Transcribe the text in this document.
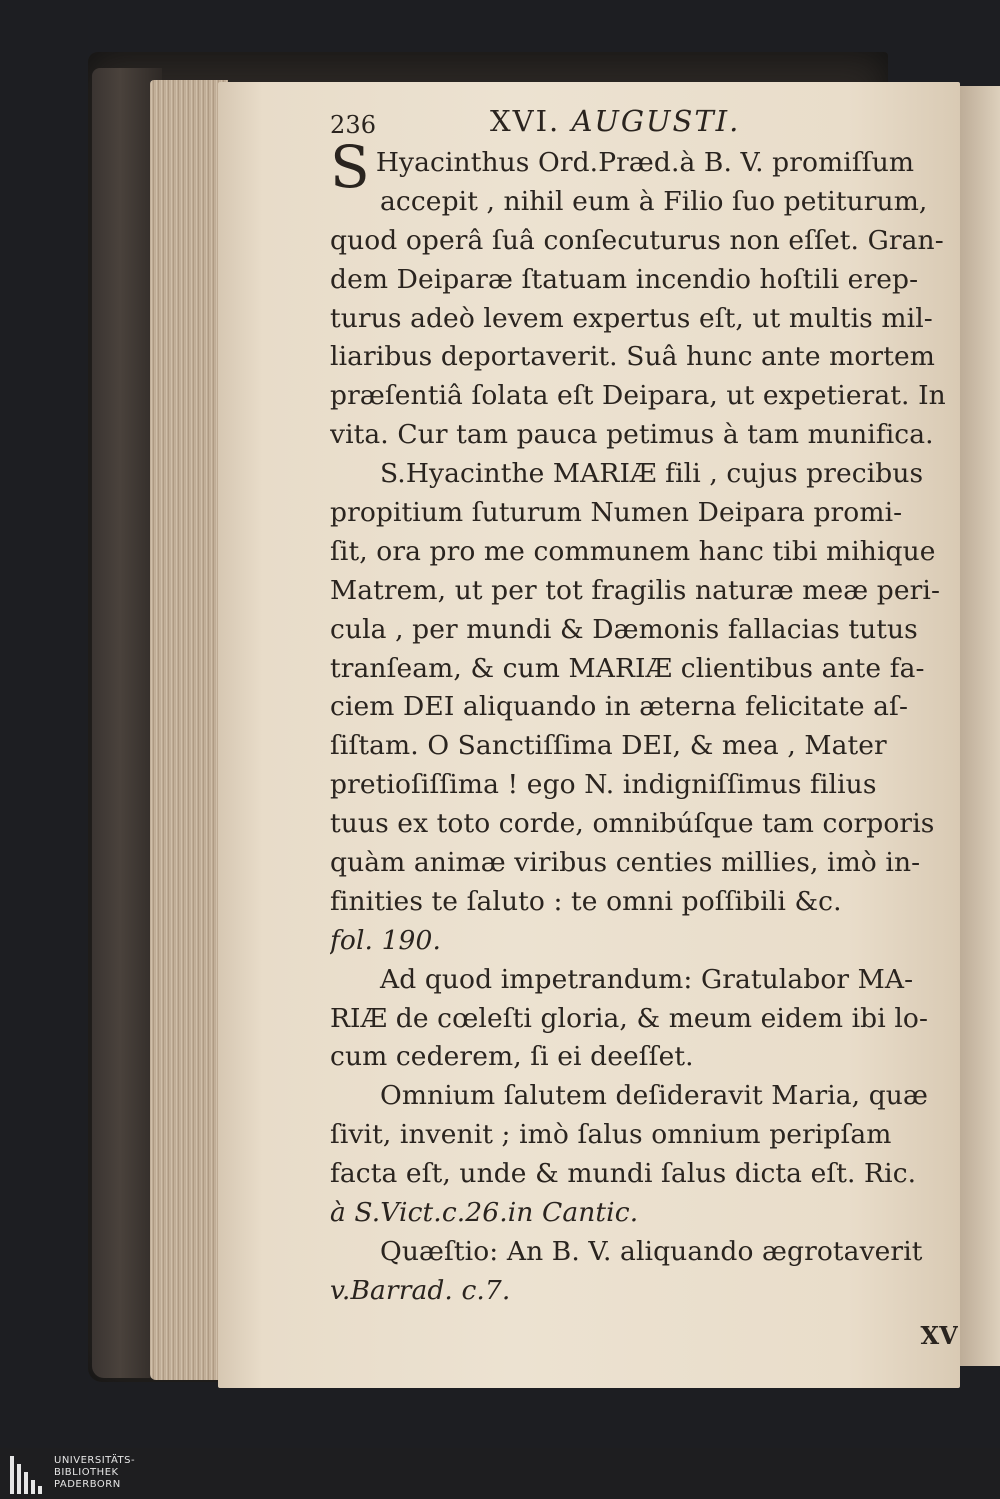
236	XVI. AUGUSTI.
S Hyacinthus Ord.Præd.à B. V. promiſſum
accepit , nihil eum à Filio ſuo petiturum,
quod operâ ſuâ conſecuturus non eſſet. Gran-
dem Deiparæ ſtatuam incendio hoſtili erep-
turus adeò levem expertus eſt, ut multis mil-
liaribus deportaverit. Suâ hunc ante mortem
præſentiâ ſolata eſt Deipara, ut expetierat. In
vita. Cur tam pauca petimus à tam munifica.
S.Hyacinthe MARIÆ fili , cujus precibus
propitium ſuturum Numen Deipara promi-
ſit, ora pro me communem hanc tibi mihique
Matrem, ut per tot fragilis naturæ meæ peri-
cula , per mundi & Dæmonis fallacias tutus
tranſeam, & cum MARIÆ clientibus ante fa-
ciem DEI aliquando in æterna felicitate aſ-
ſiſtam. O Sanctiſſima DEI, & mea , Mater
pretioſiſſima ! ego N. indigniſſimus filius
tuus ex toto corde, omnibúſque tam corporis
quàm animæ viribus centies millies, imò in-
finities te ſaluto : te omni poſſibili &c.
fol. 190.
Ad quod impetrandum: Gratulabor MA-
RIÆ de cœleſti gloria, & meum eidem ibi lo-
cum cederem, ſi ei deeſſet.
Omnium ſalutem deſideravit Maria, quæ
ſivit, invenit ; imò ſalus omnium peripſam
facta eſt, unde & mundi ſalus dicta eſt. Ric.
à S.Vict.c.26.in Cantic.
Quæſtio: An B. V. aliquando ægrotaverit
v.Barrad. c.7.
XV
UNIVERSITÄTS-
BIBLIOTHEK
PADERBORN
